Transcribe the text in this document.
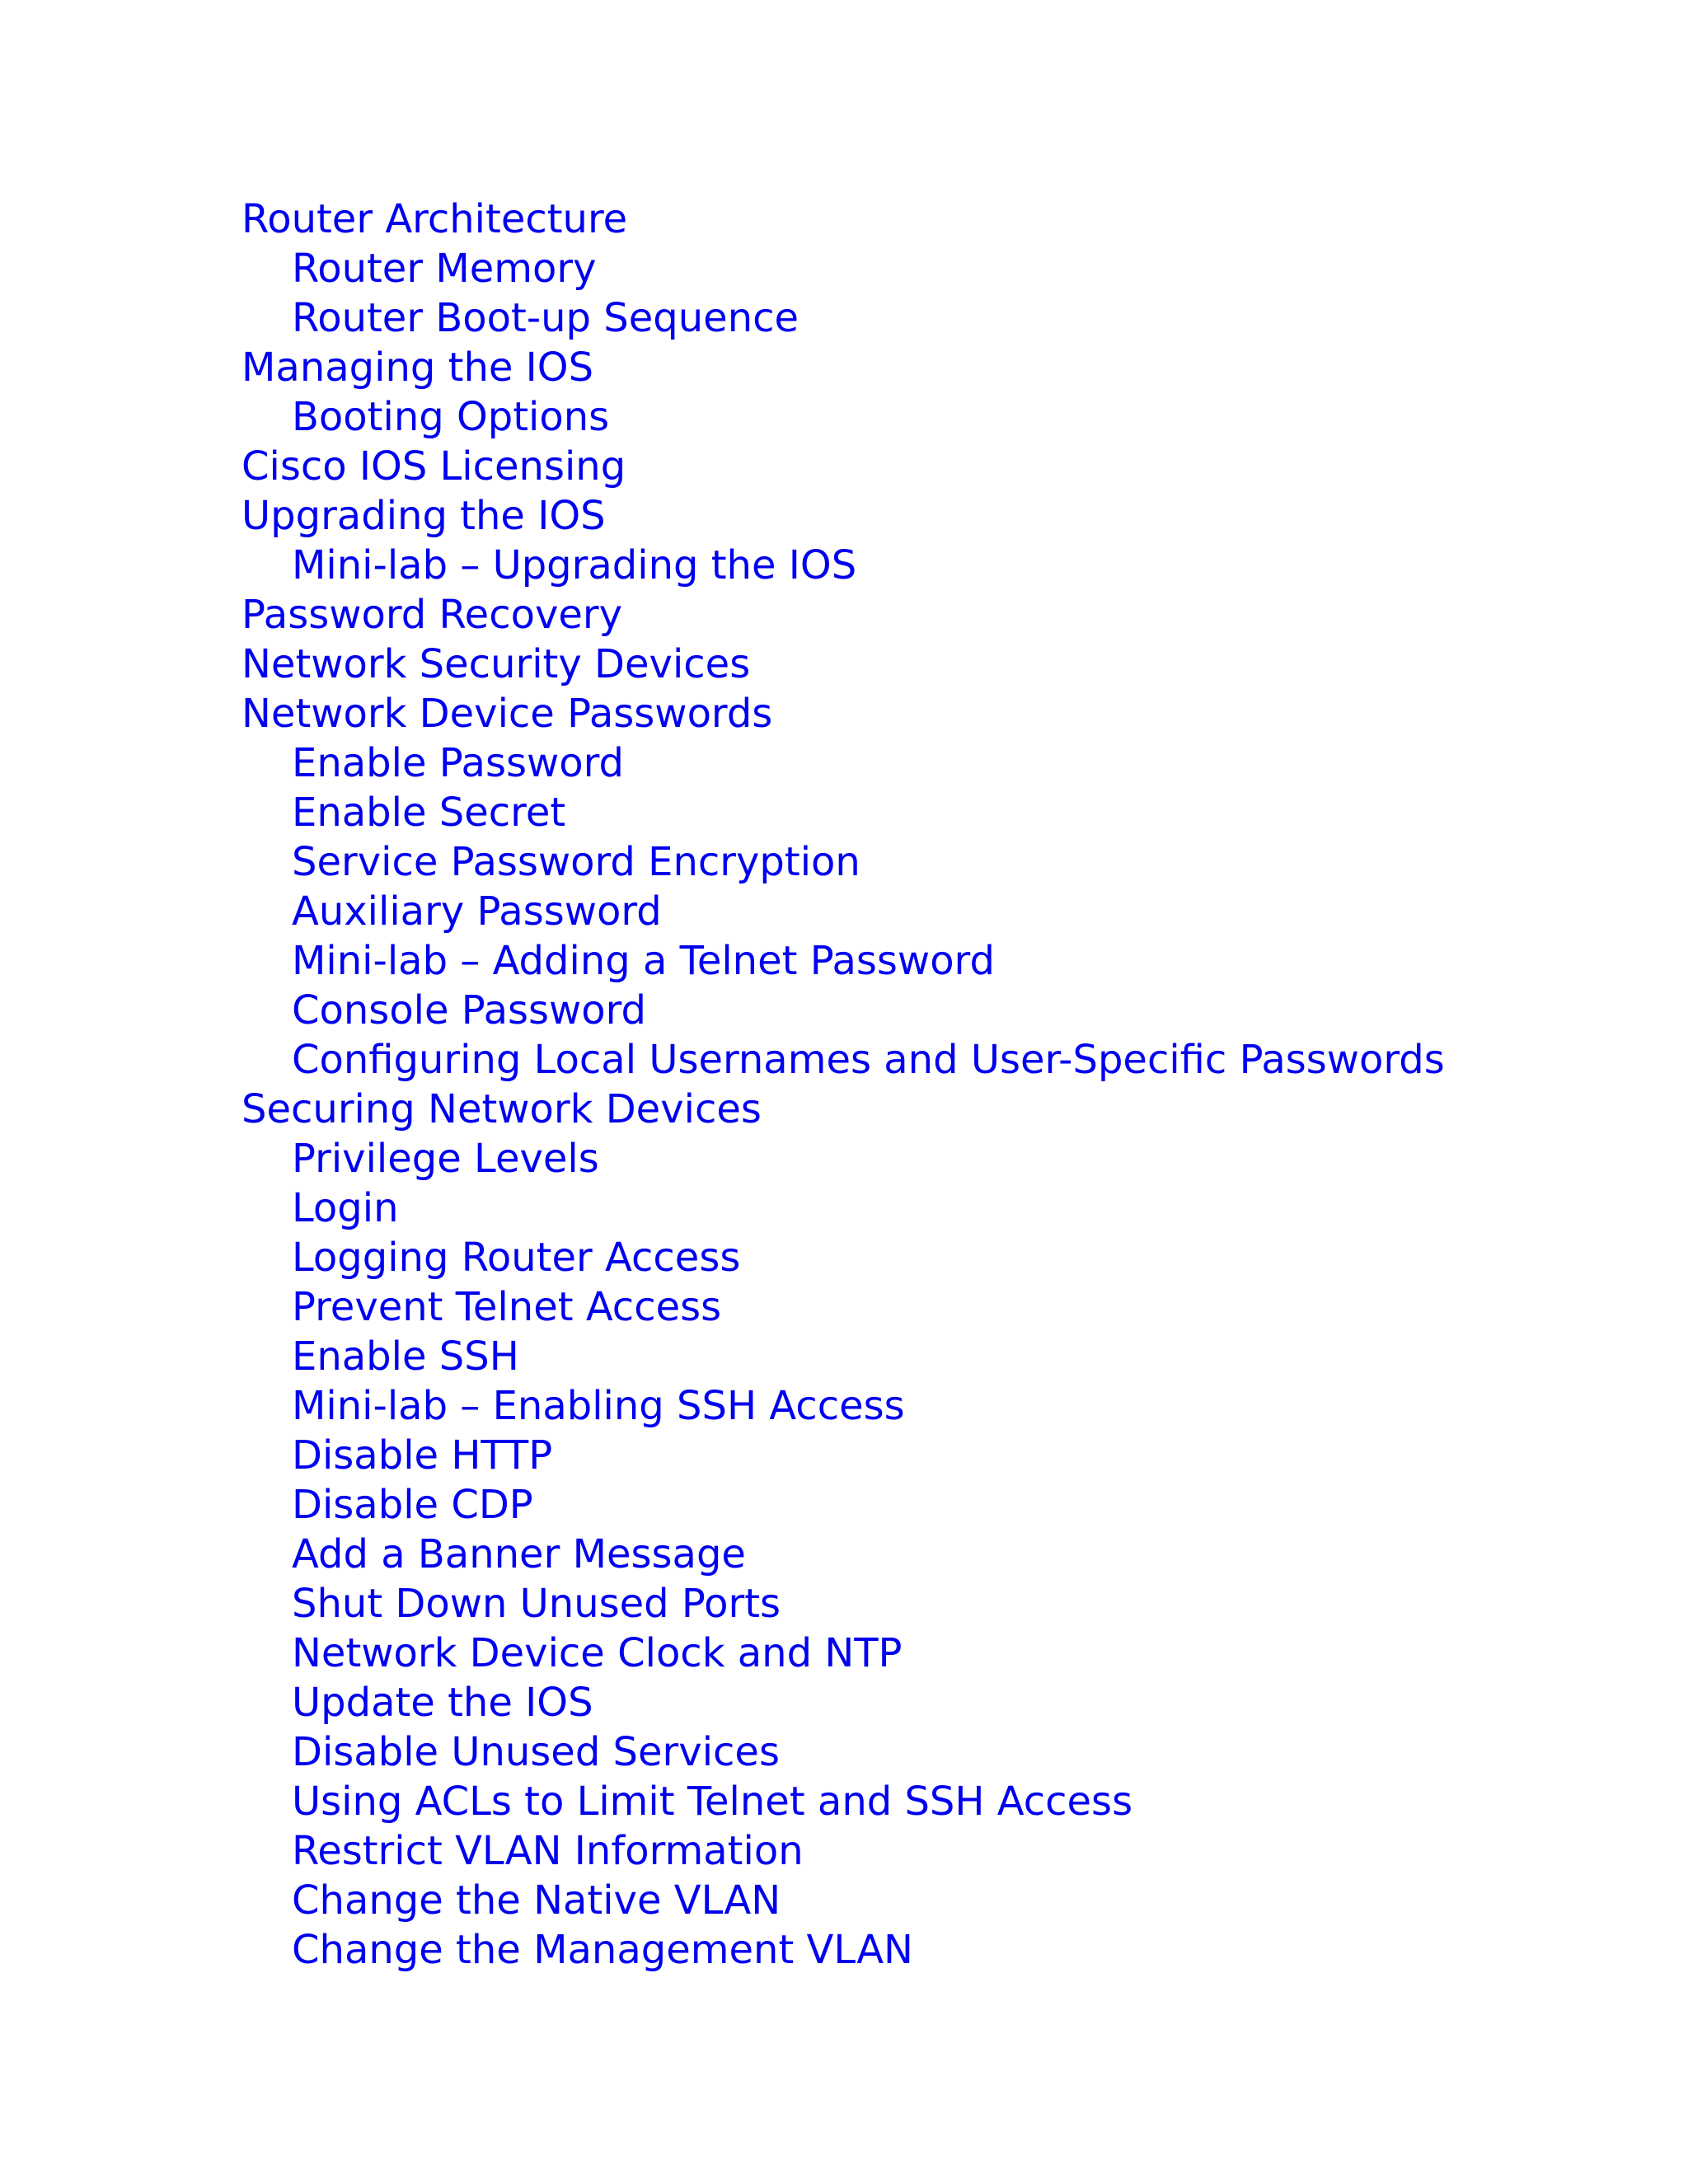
Router Architecture
Router Memory
Router Boot-up Sequence
Managing the IOS
Booting Options
Cisco IOS Licensing
Upgrading the IOS
Mini-lab – Upgrading the IOS
Password Recovery
Network Security Devices
Network Device Passwords
Enable Password
Enable Secret
Service Password Encryption
Auxiliary Password
Mini-lab – Adding a Telnet Password
Console Password
Configuring Local Usernames and User-Specific Passwords
Securing Network Devices
Privilege Levels
Login
Logging Router Access
Prevent Telnet Access
Enable SSH
Mini-lab – Enabling SSH Access
Disable HTTP
Disable CDP
Add a Banner Message
Shut Down Unused Ports
Network Device Clock and NTP
Update the IOS
Disable Unused Services
Using ACLs to Limit Telnet and SSH Access
Restrict VLAN Information
Change the Native VLAN
Change the Management VLAN
